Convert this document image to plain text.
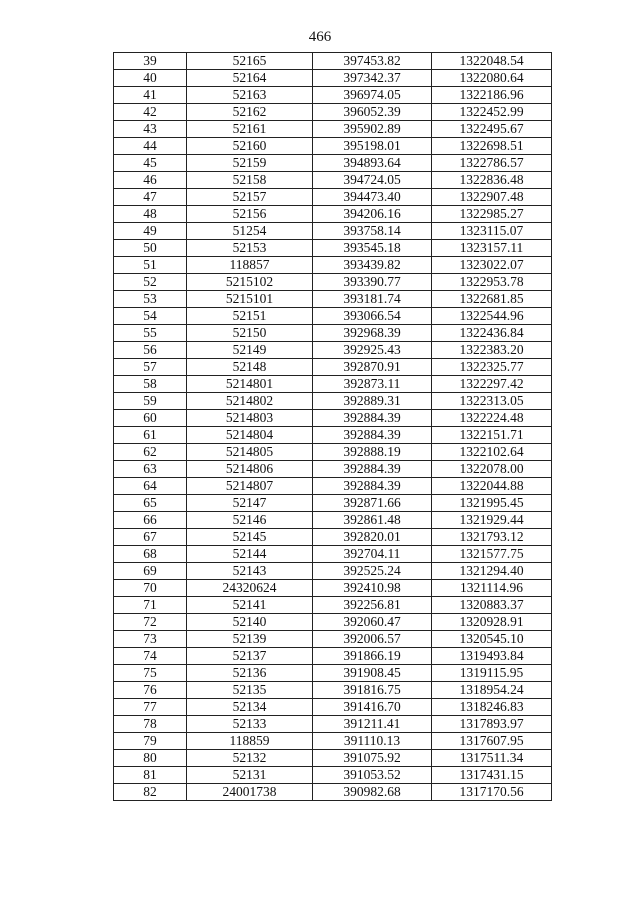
466
39	52165	397453.82	1322048.54
40	52164	397342.37	1322080.64
41	52163	396974.05	1322186.96
42	52162	396052.39	1322452.99
43	52161	395902.89	1322495.67
44	52160	395198.01	1322698.51
45	52159	394893.64	1322786.57
46	52158	394724.05	1322836.48
47	52157	394473.40	1322907.48
48	52156	394206.16	1322985.27
49	51254	393758.14	1323115.07
50	52153	393545.18	1323157.11
51	118857	393439.82	1323022.07
52	5215102	393390.77	1322953.78
53	5215101	393181.74	1322681.85
54	52151	393066.54	1322544.96
55	52150	392968.39	1322436.84
56	52149	392925.43	1322383.20
57	52148	392870.91	1322325.77
58	5214801	392873.11	1322297.42
59	5214802	392889.31	1322313.05
60	5214803	392884.39	1322224.48
61	5214804	392884.39	1322151.71
62	5214805	392888.19	1322102.64
63	5214806	392884.39	1322078.00
64	5214807	392884.39	1322044.88
65	52147	392871.66	1321995.45
66	52146	392861.48	1321929.44
67	52145	392820.01	1321793.12
68	52144	392704.11	1321577.75
69	52143	392525.24	1321294.40
70	24320624	392410.98	1321114.96
71	52141	392256.81	1320883.37
72	52140	392060.47	1320928.91
73	52139	392006.57	1320545.10
74	52137	391866.19	1319493.84
75	52136	391908.45	1319115.95
76	52135	391816.75	1318954.24
77	52134	391416.70	1318246.83
78	52133	391211.41	1317893.97
79	118859	391110.13	1317607.95
80	52132	391075.92	1317511.34
81	52131	391053.52	1317431.15
82	24001738	390982.68	1317170.56
